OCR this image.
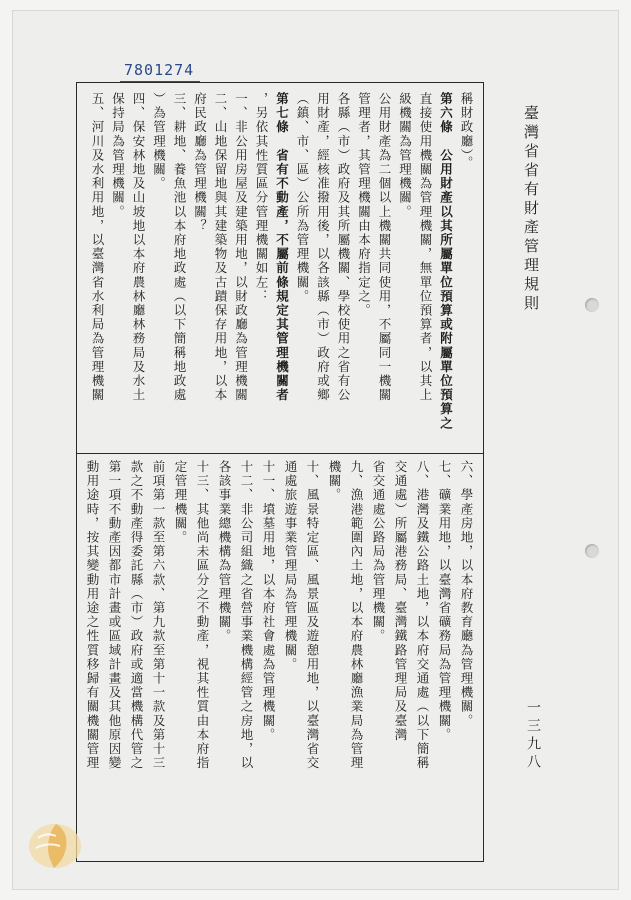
7801274
稱財政廳）。
第六條　公用財產以其所屬單位預算或附屬單位預算之
直接使用機關為管理機關，無單位預算者，以其上
級機關為管理機關。
公用財產為二個以上機關共同使用，不屬同一機關
管理者，其管理機關由本府指定之。
各縣（市）政府及其所屬機關、學校使用之省有公
用財產，經核准撥用後，以各該縣（市）政府或鄉
（鎮、市、區）公所為管理機關。
第七條　省有不動產，不屬前條規定其管理機關者
，另依其性質區分管理機關如左：
一、非公用房屋及建築用地，以財政廳為管理機關
二、山地保留地與其建築物及古蹟保存用地，以本
府民政廳為管理機關？
三、耕地、養魚池以本府地政處（以下簡稱地政處
）為管理機關。
四、保安林地及山坡地以本府農林廳林務局及水土
保持局為管理機關。
五、河川及水利用地，以臺灣省水利局為管理機關
六、學產房地，以本府教育廳為管理機關。
七、礦業用地，以臺灣省礦務局為管理機關。
八、港灣及鐵公路土地，以本府交通處（以下簡稱
交通處）所屬港務局、臺灣鐵路管理局及臺灣
省交通處公路局為管理機關。
九、漁港範圍內土地，以本府農林廳漁業局為管理
機關。
十、風景特定區、風景區及遊憩用地，以臺灣省交
通處旅遊事業管理局為管理機關。
十一、墳墓用地，以本府社會處為管理機關。
十二、非公司組織之省營事業機構經管之房地，以
各該事業總機構為管理機關。
十三、其他尚未區分之不動產，視其性質由本府指
定管理機關。
前項第一款至第六款、第九款至第十一款及第十三
款之不動產得委託縣（市）政府或適當機構代管之
第一項不動產因都市計畫或區域計畫及其他原因變
動用途時，按其變動用途之性質移歸有關機關管理
臺灣省省有財產管理規則
一三九八
